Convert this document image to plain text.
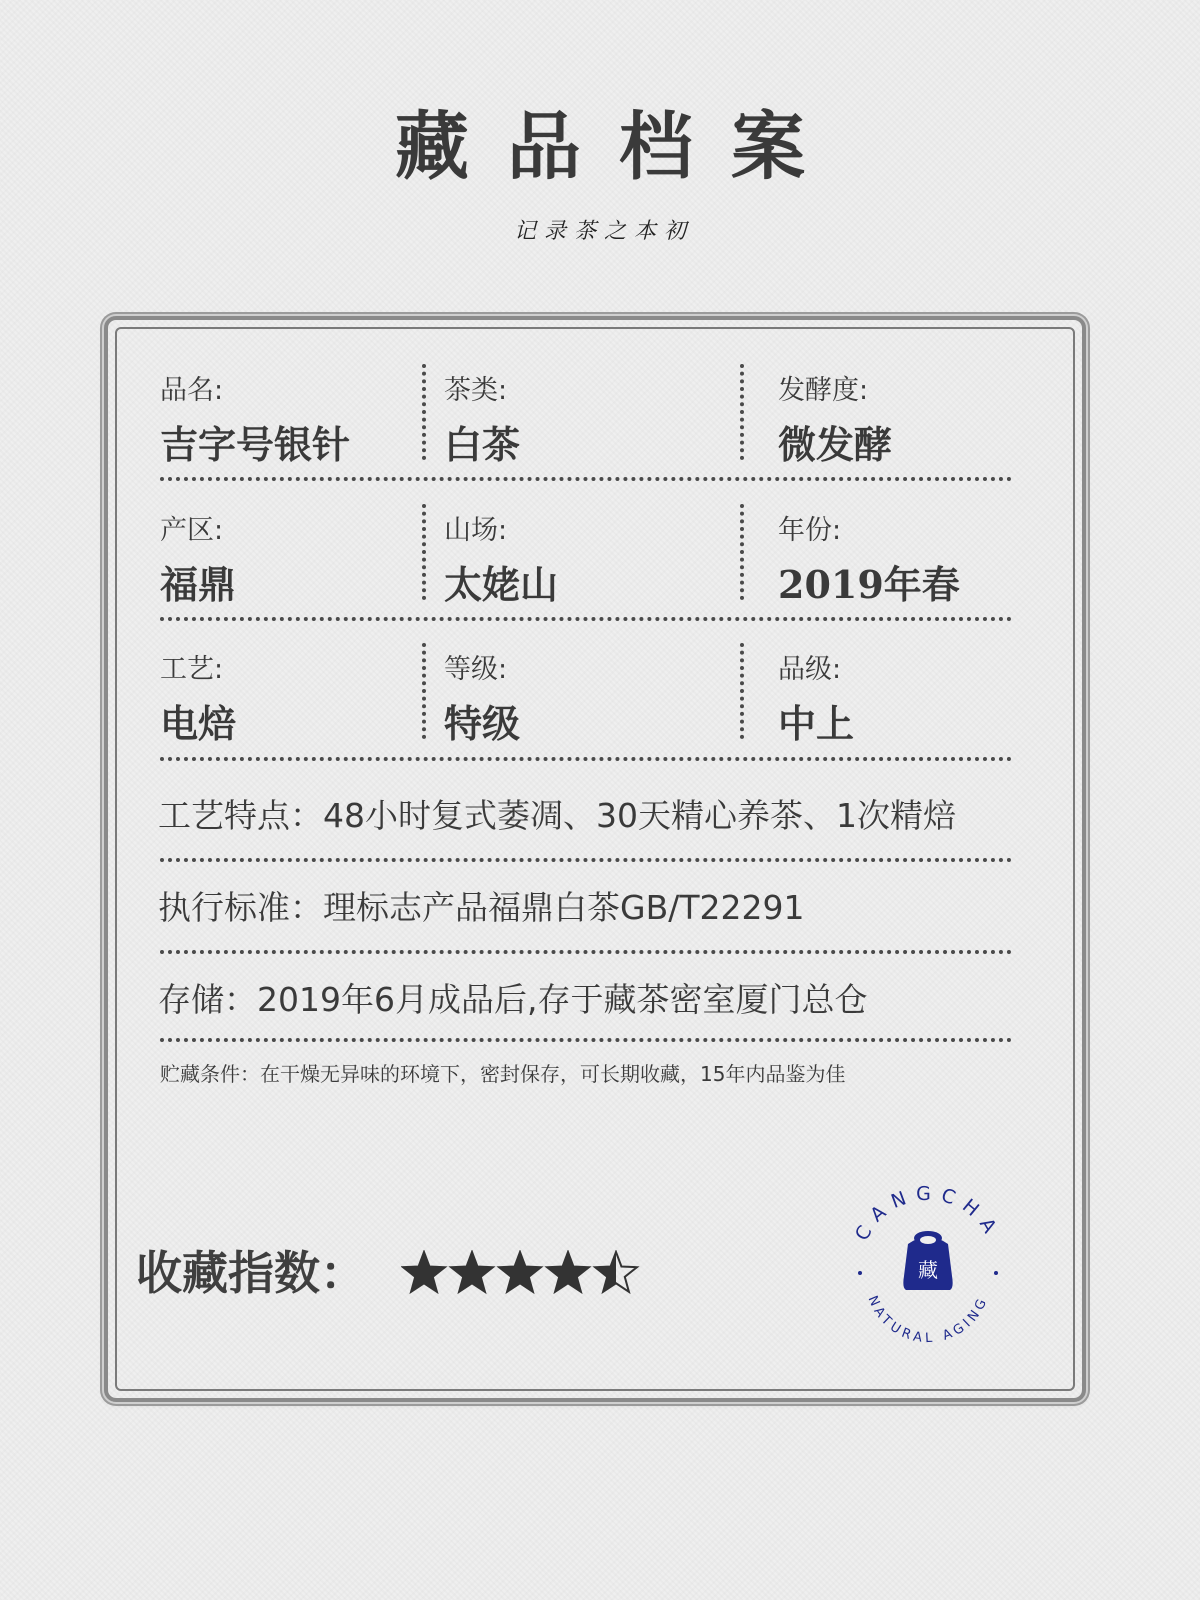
藏品档案
记录茶之本初
品名:
吉字号银针
茶类:
白茶
发酵度:
微发酵
产区:
福鼎
山场:
太姥山
年份:
2019年春
工艺:
电焙
等级:
特级
品级:
中上
工艺特点：48小时复式萎凋、30天精心养茶、1次精焙
执行标准：理标志产品福鼎白茶GB/T22291
存储：2019年6月成品后,存于藏茶密室厦门总仓
贮藏条件：在干燥无异味的环境下，密封保存，可长期收藏，15年内品鉴为佳
收藏指数：
CANGCHA
NATURAL AGING
藏
